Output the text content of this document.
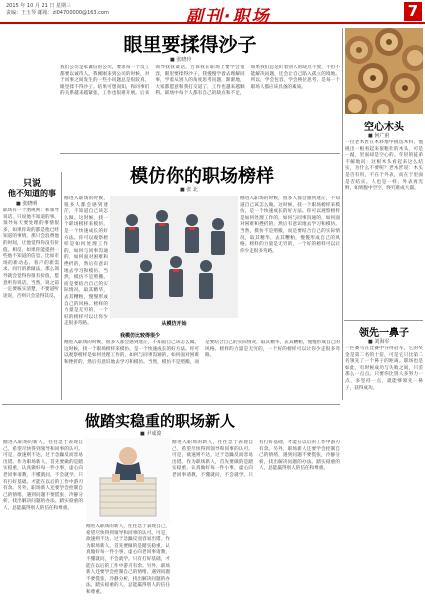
2015 年 10 月 21 日 星期三
责编：王玉琴 邮箱：zl04700000@163.com	副刊·职场	7
眼里要揉得沙子
■ 张晓玲
我们公司是家诚信的公司，要求每一个员工都要以诚待人。我刚刚来到公司的时候，对于同事之间发生的一些小问题总是很较真，眼里揉不得沙子。结果可想而知，和同事们的关系越来越紧张，工作也很难开展。后来领导找我谈话，告诉我在职场上要学会宽容，眼里要揉得沙子。我慢慢学着去理解同事，学着从别人的角度思考问题，渐渐地，大家都愿意和我打交道了，工作也越来越顺利。职场中每个人都有自己的缺点和不足，如果我们总是盯着别人的缺点不放，不但不能解决问题，还会让自己陷入孤立的境地。所以，学会包容，学会换位思考，是每一个职场人都应该具备的素质。
空心木头
■ 何广甫
一位老木匠在木料堆中挑选木料，他挑出一根看起来很粗壮的木头，可是一敲，里面却是空心的。年轻的徒弟不解地问：这根木头看起来这么结实，为什么不要呢？老木匠说：木头是否有用，不在于外表，而在于里面是否结实。人也是一样，外表再光鲜，如果腹中空空，终究难成大器。
只说
他不知道的事
■ 张晓明
职场有一个潜规则：和领导说话，只说他不知道的事。领导每天要处理的事情很多，如果你说的都是他已经知道的事情，那只会浪费他的时间，让他觉得你没有价值。相反，如果你能提供一些他不知道的信息，比如市场的新动态、客户的新需求、同行的新做法，那么领导就会觉得你很有价值，愿意听你说话。当然，说之前一定要核实清楚，不要道听途说，否则只会适得其反。
模仿你的职场榜样
■ 张 北
从模仿开始
刚进入职场的时候，很多人都会感到迷茫，不知道自己该怎么做。这时候，找一个职场榜样来模仿，是一个快速成长的好方法。你可以观察榜样是如何处理工作的，如何与同事沟通的，如何面对困难和挫折的，然后有意识地去学习和模仿。当然，模仿不是照搬，而是要结合自己的实际情况，取其精华，去其糟粕，慢慢形成自己的风格。榜样的力量是无穷的，一个好的榜样可以让你少走很多弯路。
刚进入职场的时候，很多人都会感到迷茫，不知道自己该怎么做。这时候，找一个职场榜样来模仿，是一个快速成长的好方法。你可以观察榜样是如何处理工作的，如何与同事沟通的，如何面对困难和挫折的，然后有意识地去学习和模仿。当然，模仿不是照搬，而是要结合自己的实际情况，取其精华，去其糟粕，慢慢形成自己的风格。榜样的力量是无穷的，一个好的榜样可以让你少走很多弯路。
我模仿比较得很少
刚进入职场的时候，很多人都会感到迷茫，不知道自己该怎么做。这时候，找一个职场榜样来模仿，是一个快速成长的好方法。你可以观察榜样是如何处理工作的，如何与同事沟通的，如何面对困难和挫折的，然后有意识地去学习和模仿。当然，模仿不是照搬，而是要结合自己的实际情况，取其精华，去其糟粕，慢慢形成自己的风格。榜样的力量是无穷的，一个好的榜样可以让你少走很多弯路。
领先一鼻子
■ 刘海军
一匹赛马在比赛中夺得冠军，它的奖金是第二名的十倍，可是它只比第二名领先了一个鼻子的距离。职场也是如此，有时候成功与失败之间，只差那么一点点。只要你比别人多努力一点，多坚持一点，就能够领先一鼻子，获得成功。
做踏实稳重的职场新人
■ 尹成浚
刚进入职场的新人，往往急于表现自己，希望尽快得到领导和同事的认可。可是，欲速则不达，过于急躁反而容易出错。作为职场新人，首先要做的是踏实稳重，认真做好每一件小事，虚心向老同事请教，不懂就问，不会就学。只有打好基础，才能在以后的工作中游刃有余。另外，职场新人还要学会控制自己的情绪，遇到问题不要慌张，冷静分析，找出解决问题的办法。踏实稳重的人，总能赢得别人的信任和尊重。
刚进入职场的新人，往往急于表现自己，希望尽快得到领导和同事的认可。可是，欲速则不达，过于急躁反而容易出错。作为职场新人，首先要做的是踏实稳重，认真做好每一件小事，虚心向老同事请教，不懂就问，不会就学。只有打好基础，才能在以后的工作中游刃有余。另外，职场新人还要学会控制自己的情绪，遇到问题不要慌张，冷静分析，找出解决问题的办法。踏实稳重的人，总能赢得别人的信任和尊重。
刚进入职场的新人，往往急于表现自己，希望尽快得到领导和同事的认可。可是，欲速则不达，过于急躁反而容易出错。作为职场新人，首先要做的是踏实稳重，认真做好每一件小事，虚心向老同事请教，不懂就问，不会就学。只有打好基础，才能在以后的工作中游刃有余。另外，职场新人还要学会控制自己的情绪，遇到问题不要慌张，冷静分析，找出解决问题的办法。踏实稳重的人，总能赢得别人的信任和尊重。
